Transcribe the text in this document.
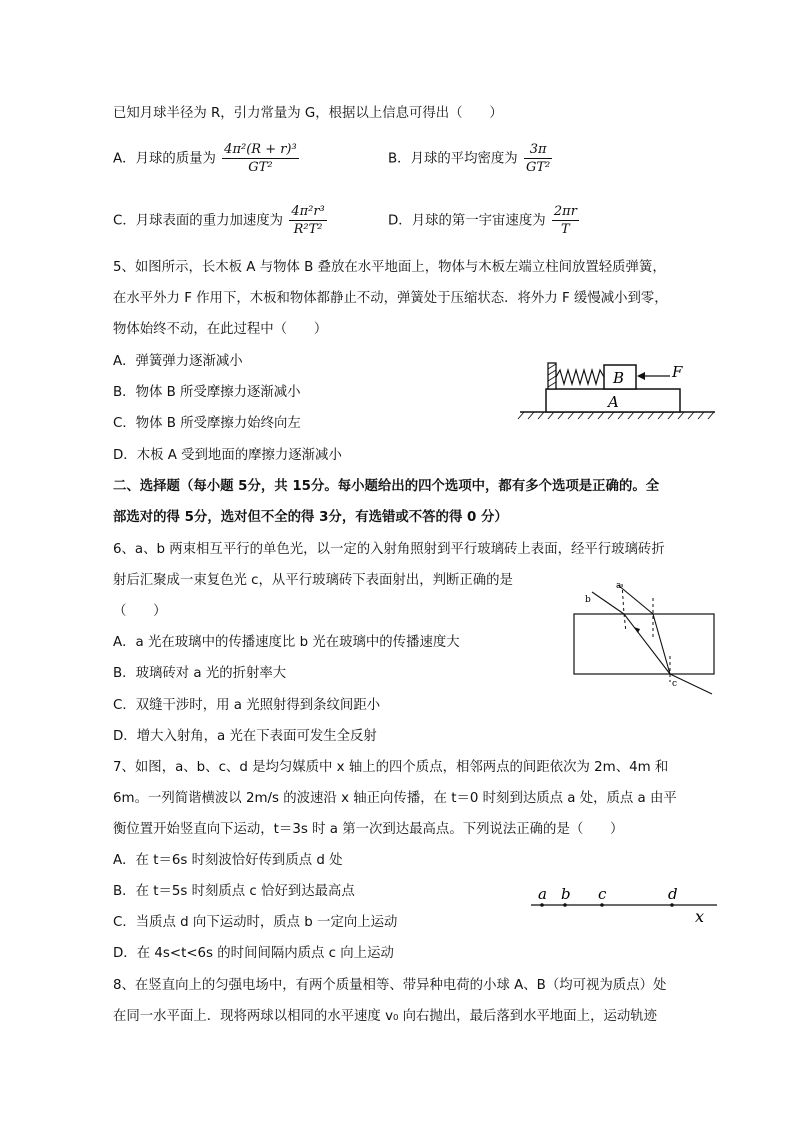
已知月球半径为 R，引力常量为 G，根据以上信息可得出（　　）
A．月球的质量为 $\frac{\text{4π²(R + r)³}}{\text{GT²}}$	B．月球的平均密度为 $\frac{3\pi}{\text{GT²}}$
C．月球表面的重力加速度为 $\frac{\text{4π²r³}}{\text{R²T²}}$	D．月球的第一宇宙速度为 $\frac{2\pi r}{T}$
5、如图所示，长木板 A 与物体 B 叠放在水平地面上，物体与木板左端立柱间放置轻质弹簧，
在水平外力 F 作用下，木板和物体都静止不动，弹簧处于压缩状态．将外力 F 缓慢减小到零，
物体始终不动，在此过程中（　　）
A．弹簧弹力逐渐减小
B．物体 B 所受摩擦力逐渐减小
C．物体 B 所受摩擦力始终向左
D．木板 A 受到地面的摩擦力逐渐减小
A
B	F
二、选择题（每小题 5分，共 15分。每小题给出的四个选项中，都有多个选项是正确的。全
部选对的得 5分，选对但不全的得 3分，有选错或不答的得 0 分）
6、a、b 两束相互平行的单色光，以一定的入射角照射到平行玻璃砖上表面，经平行玻璃砖折
射后汇聚成一束复色光 c，从平行玻璃砖下表面射出，判断正确的是
（　　）
A．a 光在玻璃中的传播速度比 b 光在玻璃中的传播速度大
B．玻璃砖对 a 光的折射率大
C．双缝干涉时，用 a 光照射得到条纹间距小
D．增大入射角，a 光在下表面可发生全反射
a
b
c
7、如图，a、b、c、d 是均匀媒质中 x 轴上的四个质点，相邻两点的间距依次为 2m、4m 和
6m。一列简谐横波以 2m/s 的波速沿 x 轴正向传播，在 t＝0 时刻到达质点 a 处，质点 a 由平
衡位置开始竖直向下运动，t＝3s 时 a 第一次到达最高点。下列说法正确的是（　　）
A．在 t＝6s 时刻波恰好传到质点 d 处
B．在 t＝5s 时刻质点 c 恰好到达最高点
C．当质点 d 向下运动时，质点 b 一定向上运动
D．在 4s<t<6s 的时间间隔内质点 c 向上运动
a b c	d
x
8、在竖直向上的匀强电场中，有两个质量相等、带异种电荷的小球 A、B（均可视为质点）处
在同一水平面上．现将两球以相同的水平速度 v₀ 向右抛出，最后落到水平地面上，运动轨迹
